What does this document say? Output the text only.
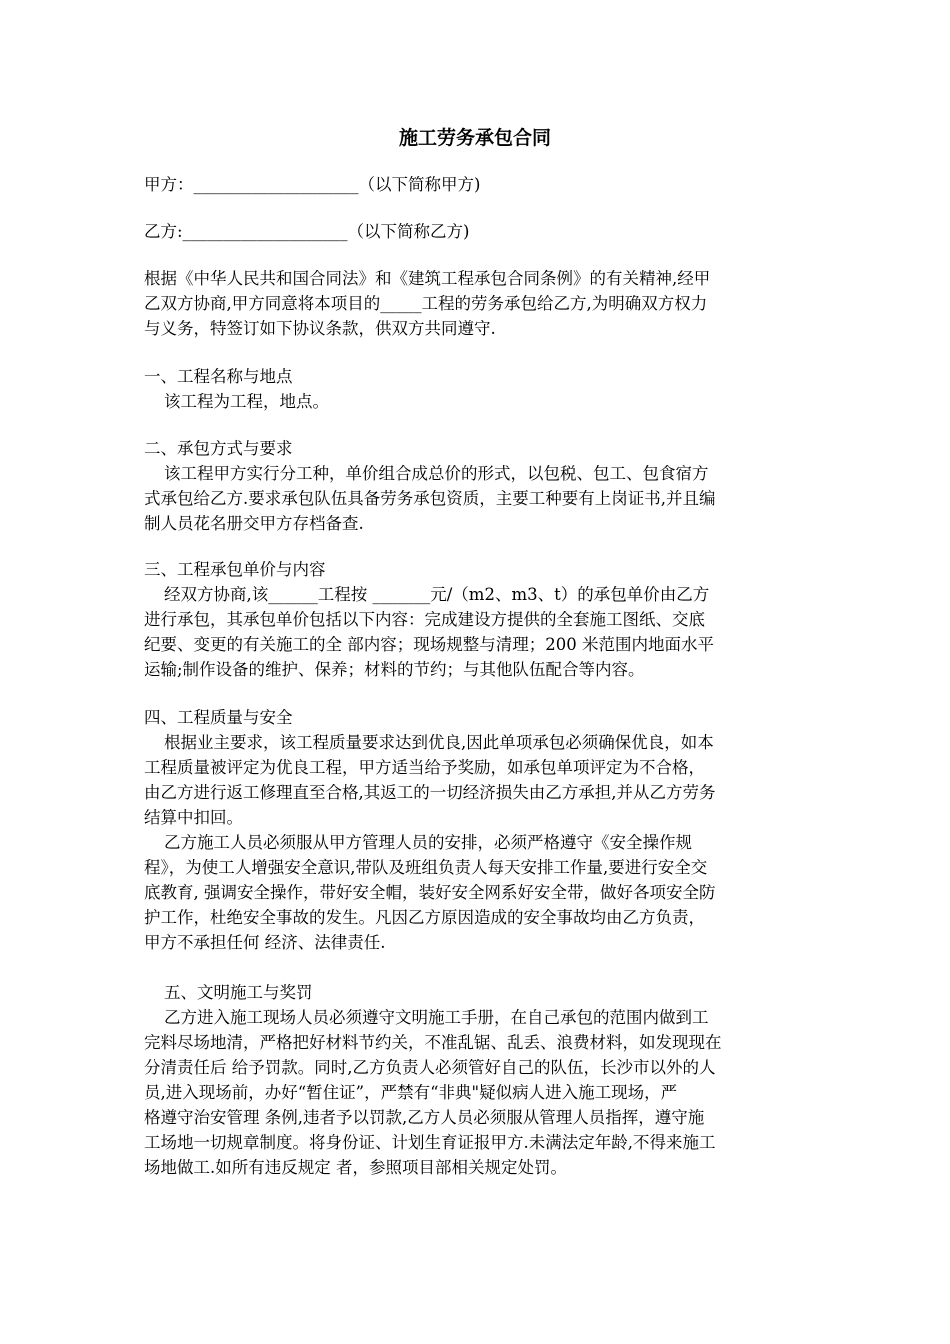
施工劳务承包合同
甲方：____________________（以下简称甲方)
乙方:____________________（以下简称乙方)
根据《中华人民共和国合同法》和《建筑工程承包合同条例》的有关精神,经甲
乙双方协商,甲方同意将本项目的_____工程的劳务承包给乙方,为明确双方权力
与义务，特签订如下协议条款，供双方共同遵守.
一、工程名称与地点
该工程为工程，地点。
二、承包方式与要求
该工程甲方实行分工种，单价组合成总价的形式，以包税、包工、包食宿方
式承包给乙方.要求承包队伍具备劳务承包资质，主要工种要有上岗证书,并且编
制人员花名册交甲方存档备查.
三、工程承包单价与内容
经双方协商,该______工程按 _______元/（m2、m3、t）的承包单价由乙方
进行承包，其承包单价包括以下内容：完成建设方提供的全套施工图纸、交底
纪要、变更的有关施工的全 部内容；现场规整与清理；200 米范围内地面水平
运输;制作设备的维护、保养；材料的节约；与其他队伍配合等内容。
四、工程质量与安全
根据业主要求，该工程质量要求达到优良,因此单项承包必须确保优良，如本
工程质量被评定为优良工程，甲方适当给予奖励，如承包单项评定为不合格，
由乙方进行返工修理直至合格,其返工的一切经济损失由乙方承担,并从乙方劳务
结算中扣回。
乙方施工人员必须服从甲方管理人员的安排，必须严格遵守《安全操作规
程》，为使工人增强安全意识,带队及班组负责人每天安排工作量,要进行安全交
底教育, 强调安全操作，带好安全帽，装好安全网系好安全带，做好各项安全防
护工作，杜绝安全事故的发生。凡因乙方原因造成的安全事故均由乙方负责，
甲方不承担任何 经济、法律责任.
五、文明施工与奖罚
乙方进入施工现场人员必须遵守文明施工手册，在自己承包的范围内做到工
完料尽场地清，严格把好材料节约关，不准乱锯、乱丢、浪费材料，如发现现在
分清责任后 给予罚款。同时,乙方负责人必须管好自己的队伍，长沙市以外的人
员,进入现场前，办好“暂住证”，严禁有“非典"疑似病人进入施工现场，严
格遵守治安管理 条例,违者予以罚款,乙方人员必须服从管理人员指挥，遵守施
工场地一切规章制度。将身份证、计划生育证报甲方.未满法定年龄,不得来施工
场地做工.如所有违反规定 者，参照项目部相关规定处罚。
